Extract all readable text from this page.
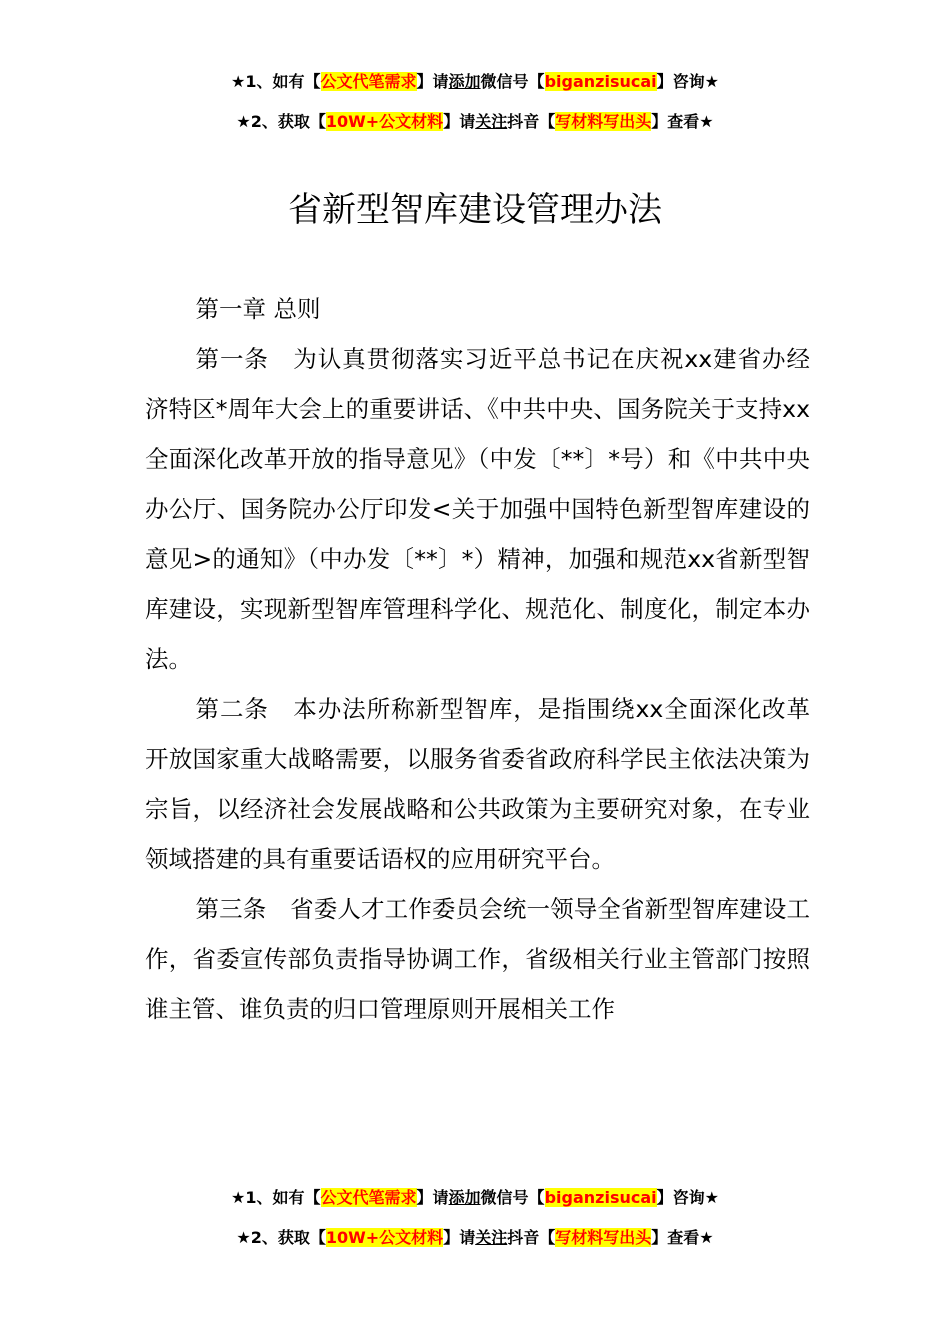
★1、如有【公文代笔需求】请添加微信号【biganzisucai】咨询★
★2、获取【10W+公文材料】请关注抖音【写材料写出头】查看★
省新型智库建设管理办法

第一章 总则

第一条　为认真贯彻落实习近平总书记在庆祝xx建省办经济特区*周年大会上的重要讲话、《中共中央、国务院关于支持xx全面深化改革开放的指导意见》（中发〔**〕*号）和《中共中央办公厅、国务院办公厅印发<关于加强中国特色新型智库建设的意见>的通知》（中办发〔**〕*）精神，加强和规范xx省新型智库建设，实现新型智库管理科学化、规范化、制度化，制定本办法。

第二条　本办法所称新型智库，是指围绕xx全面深化改革开放国家重大战略需要，以服务省委省政府科学民主依法决策为宗旨，以经济社会发展战略和公共政策为主要研究对象，在专业领域搭建的具有重要话语权的应用研究平台。

第三条　省委人才工作委员会统一领导全省新型智库建设工作，省委宣传部负责指导协调工作，省级相关行业主管部门按照谁主管、谁负责的归口管理原则开展相关工作

★1、如有【公文代笔需求】请添加微信号【biganzisucai】咨询★
★2、获取【10W+公文材料】请关注抖音【写材料写出头】查看★
